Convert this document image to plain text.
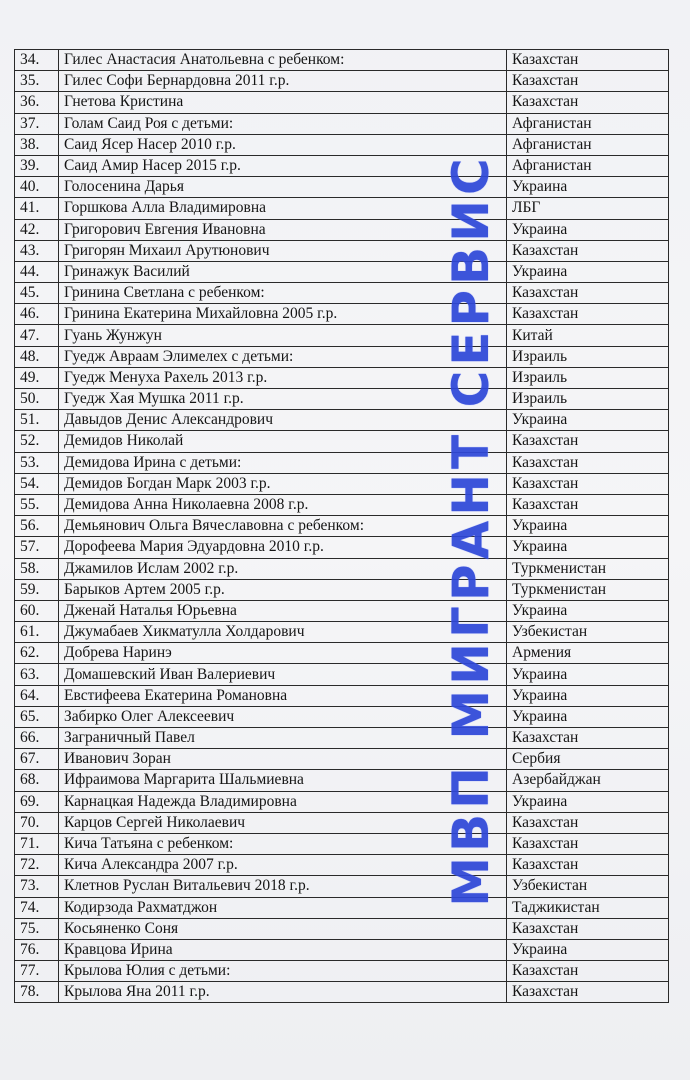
34.	Гилес Анастасия Анатольевна с ребенком:	Казахстан
35.	Гилес Софи Бернардовна 2011 г.р.	Казахстан
36.	Гнетова Кристина	Казахстан
37.	Голам Саид Роя с детьми:	Афганистан
38.	Саид Ясер Насер 2010 г.р.	Афганистан
39.	Саид Амир Насер 2015 г.р.	Афганистан
40.	Голосенина Дарья	Украина
41.	Горшкова Алла Владимировна	ЛБГ
42.	Григорович Евгения Ивановна	Украина
43.	Григорян Михаил Арутюнович	Казахстан
44.	Гринажук Василий	Украина
45.	Гринина Светлана с ребенком:	Казахстан
46.	Гринина Екатерина Михайловна 2005 г.р.	Казахстан
47.	Гуань Жунжун	Китай
48.	Гуедж Авраам Элимелех с детьми:	Израиль
49.	Гуедж Менуха Рахель 2013 г.р.	Израиль
50.	Гуедж Хая Мушка 2011 г.р.	Израиль
51.	Давыдов Денис Александрович	Украина
52.	Демидов Николай	Казахстан
53.	Демидова Ирина с детьми:	Казахстан
54.	Демидов Богдан Марк 2003 г.р.	Казахстан
55.	Демидова Анна Николаевна 2008 г.р.	Казахстан
56.	Демьянович Ольга Вячеславовна с ребенком:	Украина
57.	Дорофеева Мария Эдуардовна 2010 г.р.	Украина
58.	Джамилов Ислам 2002 г.р.	Туркменистан
59.	Барыков Артем 2005 г.р.	Туркменистан
60.	Дженай Наталья Юрьевна	Украина
61.	Джумабаев Хикматулла Холдарович	Узбекистан
62.	Добрева Наринэ	Армения
63.	Домашевский Иван Валериевич	Украина
64.	Евстифеева Екатерина Романовна	Украина
65.	Забирко Олег Алексеевич	Украина
66.	Заграничный Павел	Казахстан
67.	Иванович Зоран	Сербия
68.	Ифраимова Маргарита Шальмиевна	Азербайджан
69.	Карнацкая Надежда Владимировна	Украина
70.	Карцов Сергей Николаевич	Казахстан
71.	Кича Татьяна с ребенком:	Казахстан
72.	Кича Александра 2007 г.р.	Казахстан
73.	Клетнов Руслан Витальевич 2018 г.р.	Узбекистан
74.	Кодирзода Рахматджон	Таджикистан
75.	Косьяненко Соня	Казахстан
76.	Кравцова Ирина	Украина
77.	Крылова Юлия с детьми:	Казахстан
78.	Крылова Яна 2011 г.р.	Казахстан
МВП МИГРАНТ СЕРВИС
